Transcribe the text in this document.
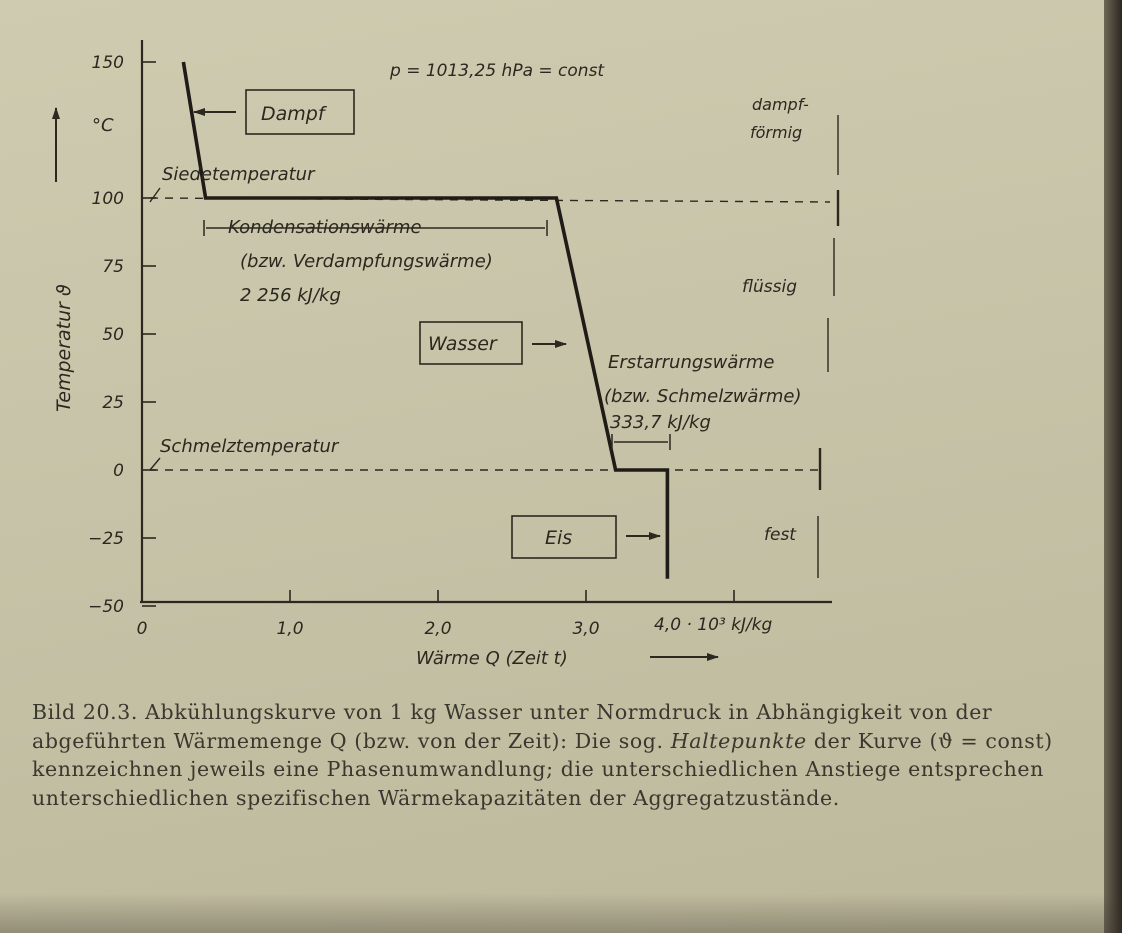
150
100
75
50
25
0
−25
−50
0	1,0	2,0	3,0
°C
Temperatur ϑ
p = 1013,25 hPa = const
Siedetemperatur
Schmelztemperatur
Dampf
Kondensationswärme
(bzw. Verdampfungswärme)
2 256 kJ/kg
Wasser
Erstarrungswärme
(bzw. Schmelzwärme)
333,7 kJ/kg
Eis
dampf-
förmig
flüssig
fest
4,0 · 10³ kJ/kg
Wärme Q (Zeit t)
Bild 20.3. Abkühlungskurve von 1 kg Wasser unter Normdruck in Abhängigkeit von der abgeführten Wärmemenge Q (bzw. von der Zeit): Die sog. Haltepunkte der Kurve (ϑ = const) kennzeichnen jeweils eine Phasenumwandlung; die unterschiedlichen Anstiege entsprechen unterschiedlichen spezifischen Wärmekapazitäten der Aggregatzustände.
